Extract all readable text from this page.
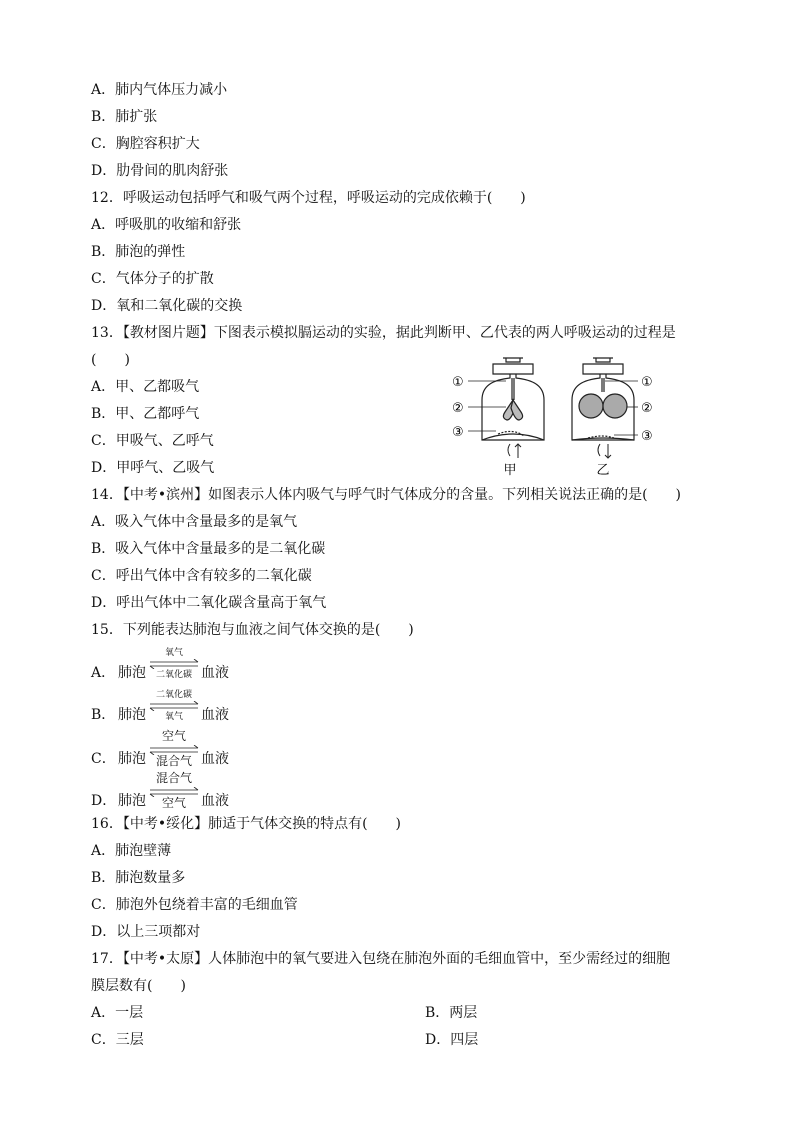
A．肺内气体压力减小
B．肺扩张
C．胸腔容积扩大
D．肋骨间的肌肉舒张
12．呼吸运动包括呼气和吸气两个过程，呼吸运动的完成依赖于(　　)
A．呼吸肌的收缩和舒张
B．肺泡的弹性
C．气体分子的扩散
D．氧和二氧化碳的交换
13．【教材图片题】下图表示模拟膈运动的实验，据此判断甲、乙代表的两人呼吸运动的过程是
(　　)
A．甲、乙都吸气
B．甲、乙都呼气
C．甲吸气、乙呼气
D．甲呼气、乙吸气
①
②
③
①
②
③
甲	乙
14．【中考•滨州】如图表示人体内吸气与呼气时气体成分的含量。下列相关说法正确的是(　　)
A．吸入气体中含量最多的是氧气
B．吸入气体中含量最多的是二氧化碳
C．呼出气体中含有较多的二氧化碳
D．呼出气体中二氧化碳含量高于氧气
15．下列能表达肺泡与血液之间气体交换的是(　　)
A． 肺泡
氧气
二氧化碳 血液
B． 肺泡
二氧化碳
氧气	血液
C． 肺泡
空气
混合气 血液
D． 肺泡
混合气
空气	血液
16．【中考•绥化】肺适于气体交换的特点有(　　)
A．肺泡壁薄
B．肺泡数量多
C．肺泡外包绕着丰富的毛细血管
D．以上三项都对
17．【中考•太原】人体肺泡中的氧气要进入包绕在肺泡外面的毛细血管中，至少需经过的细胞
膜层数有(　　)
A．一层	B．两层
C．三层	D．四层
